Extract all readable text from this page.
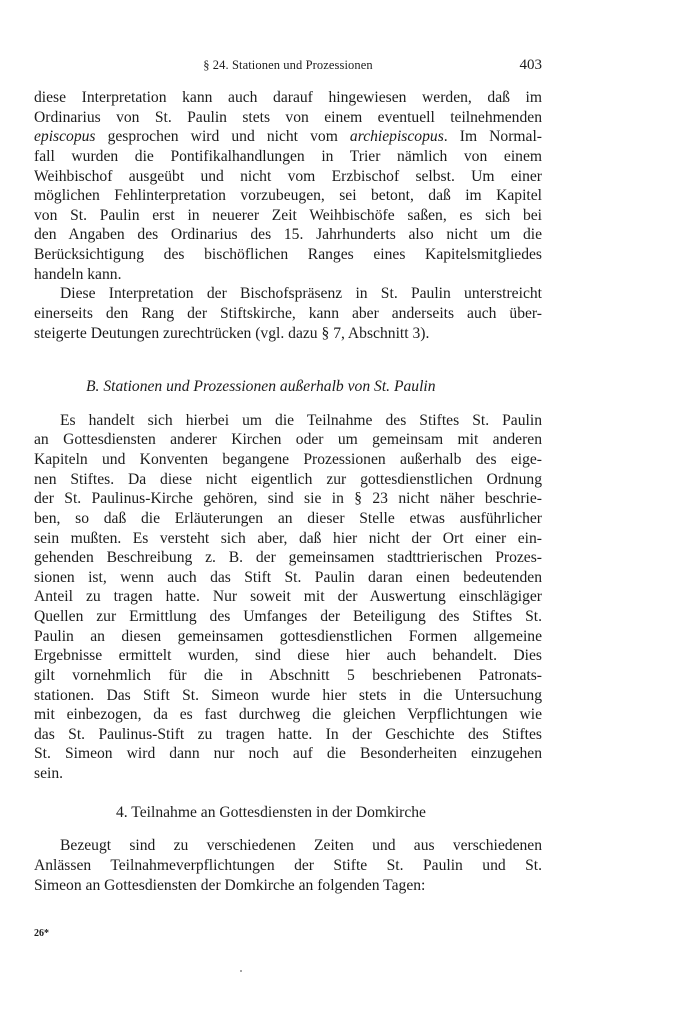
§ 24. Stationen und Prozessionen	403
diese Interpretation kann auch darauf hingewiesen werden, daß im
Ordinarius von St. Paulin stets von einem eventuell teilnehmenden
episcopus gesprochen wird und nicht vom archiepiscopus. Im Normal-
fall wurden die Pontifikalhandlungen in Trier nämlich von einem
Weihbischof ausgeübt und nicht vom Erzbischof selbst. Um einer
möglichen Fehlinterpretation vorzubeugen, sei betont, daß im Kapitel
von St. Paulin erst in neuerer Zeit Weihbischöfe saßen, es sich bei
den Angaben des Ordinarius des 15. Jahrhunderts also nicht um die
Berücksichtigung des bischöflichen Ranges eines Kapitelsmitgliedes
handeln kann.
Diese Interpretation der Bischofspräsenz in St. Paulin unterstreicht
einerseits den Rang der Stiftskirche, kann aber anderseits auch über-
steigerte Deutungen zurechtrücken (vgl. dazu § 7, Abschnitt 3).
B. Stationen und Prozessionen außerhalb von St. Paulin
Es handelt sich hierbei um die Teilnahme des Stiftes St. Paulin
an Gottesdiensten anderer Kirchen oder um gemeinsam mit anderen
Kapiteln und Konventen begangene Prozessionen außerhalb des eige-
nen Stiftes. Da diese nicht eigentlich zur gottesdienstlichen Ordnung
der St. Paulinus-Kirche gehören, sind sie in § 23 nicht näher beschrie-
ben, so daß die Erläuterungen an dieser Stelle etwas ausführlicher
sein mußten. Es versteht sich aber, daß hier nicht der Ort einer ein-
gehenden Beschreibung z. B. der gemeinsamen stadttrierischen Prozes-
sionen ist, wenn auch das Stift St. Paulin daran einen bedeutenden
Anteil zu tragen hatte. Nur soweit mit der Auswertung einschlägiger
Quellen zur Ermittlung des Umfanges der Beteiligung des Stiftes St.
Paulin an diesen gemeinsamen gottesdienstlichen Formen allgemeine
Ergebnisse ermittelt wurden, sind diese hier auch behandelt. Dies
gilt vornehmlich für die in Abschnitt 5 beschriebenen Patronats-
stationen. Das Stift St. Simeon wurde hier stets in die Untersuchung
mit einbezogen, da es fast durchweg die gleichen Verpflichtungen wie
das St. Paulinus-Stift zu tragen hatte. In der Geschichte des Stiftes
St. Simeon wird dann nur noch auf die Besonderheiten einzugehen
sein.
4. Teilnahme an Gottesdiensten in der Domkirche
Bezeugt sind zu verschiedenen Zeiten und aus verschiedenen
Anlässen Teilnahmeverpflichtungen der Stifte St. Paulin und St.
Simeon an Gottesdiensten der Domkirche an folgenden Tagen:
26*
